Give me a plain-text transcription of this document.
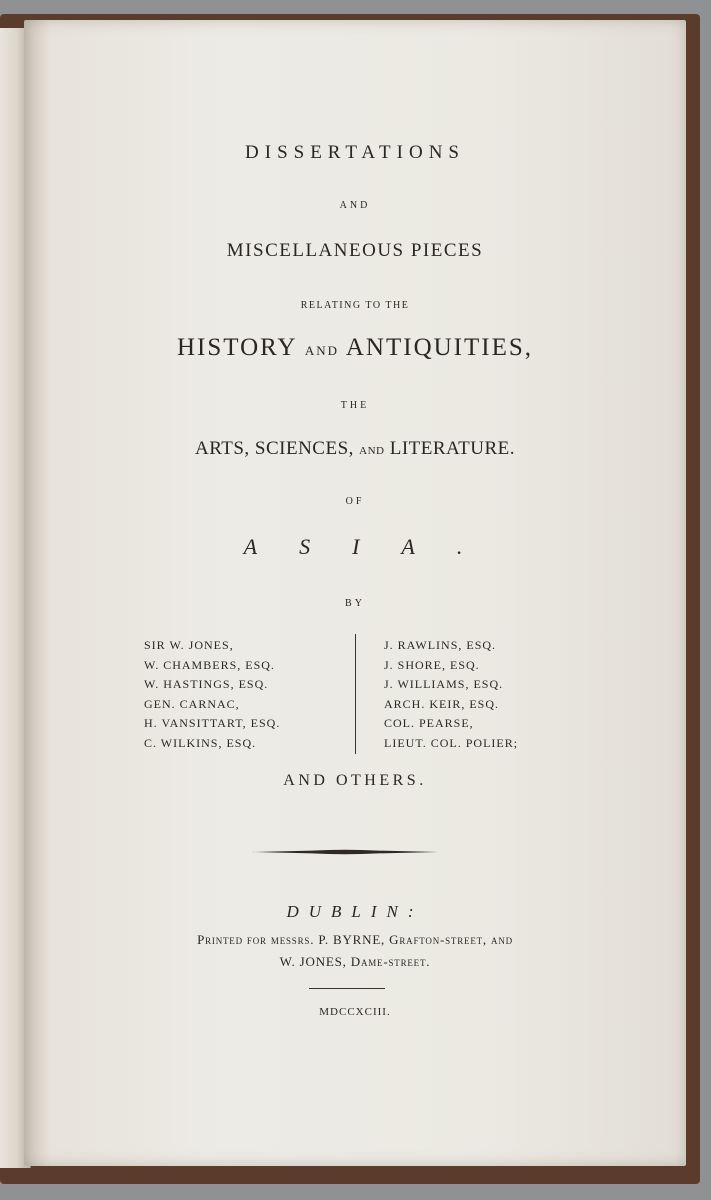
DISSERTATIONS
AND
MISCELLANEOUS PIECES
RELATING TO THE
HISTORY and ANTIQUITIES,
THE
ARTS, SCIENCES, and LITERATURE.
OF
ASIA.
BY
SIR W. JONES,
W. CHAMBERS, ESQ.
W. HASTINGS, ESQ.
GEN. CARNAC,
H. VANSITTART, ESQ.
C. WILKINS, ESQ.
J. RAWLINS, ESQ.
J. SHORE, ESQ.
J. WILLIAMS, ESQ.
ARCH. KEIR, ESQ.
COL. PEARSE,
LIEUT. COL. POLIER;
AND OTHERS.
DUBLIN:
Printed for messrs. P. BYRNE, Grafton-street, and
W. JONES, Dame-street.
MDCCXCIII.
